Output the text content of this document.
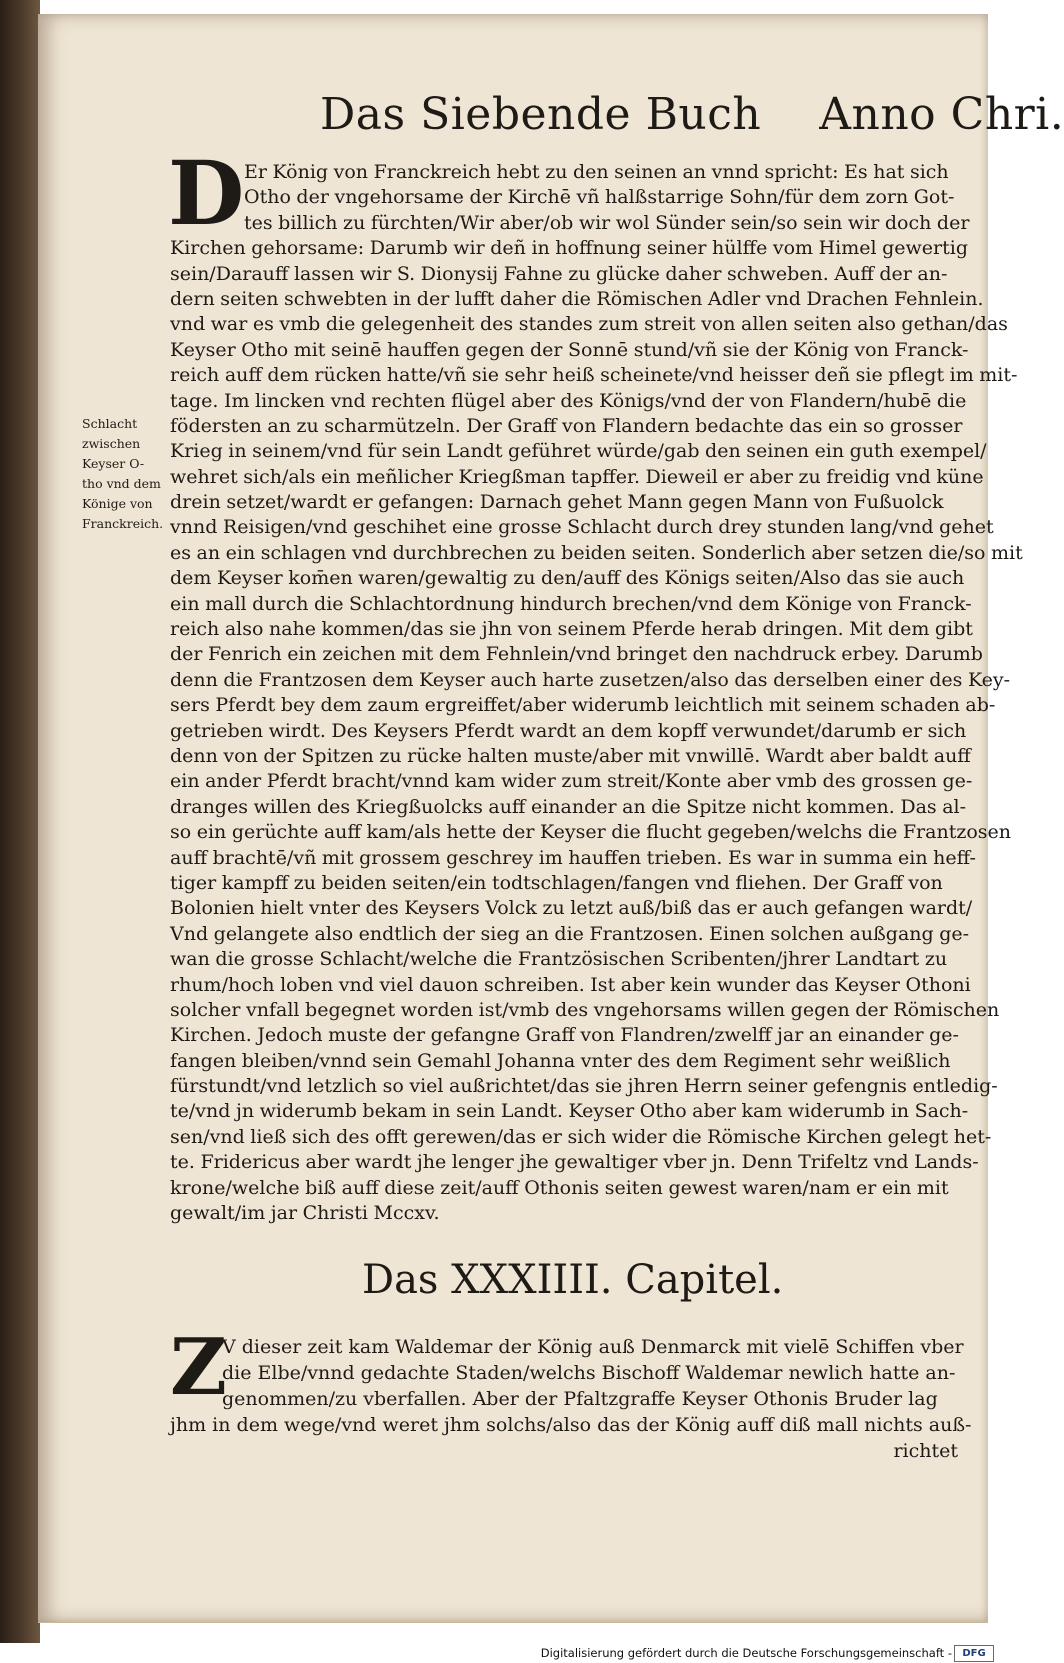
Das Siebende Buch Anno Chri.
Schlacht
zwischen
Keyser O-
tho vnd dem
Könige von
Franckreich.
D Er König von Franckreich hebt zu den seinen an vnnd spricht: Es hat sich
Otho der vngehorsame der Kirchē vñ halßstarrige Sohn/für dem zorn Got-
tes billich zu fürchten/Wir aber/ob wir wol Sünder sein/so sein wir doch der
Kirchen gehorsame: Darumb wir deñ in hoffnung seiner hülffe vom Himel gewertig
sein/Darauff lassen wir S. Dionysij Fahne zu glücke daher schweben. Auff der an-
dern seiten schwebten in der lufft daher die Römischen Adler vnd Drachen Fehnlein.
vnd war es vmb die gelegenheit des standes zum streit von allen seiten also gethan/das
Keyser Otho mit seinē hauffen gegen der Sonnē stund/vñ sie der König von Franck-
reich auff dem rücken hatte/vñ sie sehr heiß scheinete/vnd heisser deñ sie pflegt im mit-
tage. Im lincken vnd rechten flügel aber des Königs/vnd der von Flandern/hubē die
födersten an zu scharmützeln. Der Graff von Flandern bedachte das ein so grosser
Krieg in seinem/vnd für sein Landt geführet würde/gab den seinen ein guth exempel/
wehret sich/als ein meñlicher Kriegßman tapffer. Dieweil er aber zu freidig vnd küne
drein setzet/wardt er gefangen: Darnach gehet Mann gegen Mann von Fußuolck
vnnd Reisigen/vnd geschihet eine grosse Schlacht durch drey stunden lang/vnd gehet
es an ein schlagen vnd durchbrechen zu beiden seiten. Sonderlich aber setzen die/so mit
dem Keyser kom̄en waren/gewaltig zu den/auff des Königs seiten/Also das sie auch
ein mall durch die Schlachtordnung hindurch brechen/vnd dem Könige von Franck-
reich also nahe kommen/das sie jhn von seinem Pferde herab dringen. Mit dem gibt
der Fenrich ein zeichen mit dem Fehnlein/vnd bringet den nachdruck erbey. Darumb
denn die Frantzosen dem Keyser auch harte zusetzen/also das derselben einer des Key-
sers Pferdt bey dem zaum ergreiffet/aber widerumb leichtlich mit seinem schaden ab-
getrieben wirdt. Des Keysers Pferdt wardt an dem kopff verwundet/darumb er sich
denn von der Spitzen zu rücke halten muste/aber mit vnwillē. Wardt aber baldt auff
ein ander Pferdt bracht/vnnd kam wider zum streit/Konte aber vmb des grossen ge-
dranges willen des Kriegßuolcks auff einander an die Spitze nicht kommen. Das al-
so ein gerüchte auff kam/als hette der Keyser die flucht gegeben/welchs die Frantzosen
auff brachtē/vñ mit grossem geschrey im hauffen trieben. Es war in summa ein heff-
tiger kampff zu beiden seiten/ein todtschlagen/fangen vnd fliehen. Der Graff von
Bolonien hielt vnter des Keysers Volck zu letzt auß/biß das er auch gefangen wardt/
Vnd gelangete also endtlich der sieg an die Frantzosen. Einen solchen außgang ge-
wan die grosse Schlacht/welche die Frantzösischen Scribenten/jhrer Landtart zu
rhum/hoch loben vnd viel dauon schreiben. Ist aber kein wunder das Keyser Othoni
solcher vnfall begegnet worden ist/vmb des vngehorsams willen gegen der Römischen
Kirchen. Jedoch muste der gefangne Graff von Flandren/zwelff jar an einander ge-
fangen bleiben/vnnd sein Gemahl Johanna vnter des dem Regiment sehr weißlich
fürstundt/vnd letzlich so viel außrichtet/das sie jhren Herrn seiner gefengnis entledig-
te/vnd jn widerumb bekam in sein Landt. Keyser Otho aber kam widerumb in Sach-
sen/vnd ließ sich des offt gerewen/das er sich wider die Römische Kirchen gelegt het-
te. Fridericus aber wardt jhe lenger jhe gewaltiger vber jn. Denn Trifeltz vnd Lands-
krone/welche biß auff diese zeit/auff Othonis seiten gewest waren/nam er ein mit
gewalt/im jar Christi Mccxv.
Das XXXIIII. Capitel.
Z
V dieser zeit kam Waldemar der König auß Denmarck mit vielē Schiffen vber
die Elbe/vnnd gedachte Staden/welchs Bischoff Waldemar newlich hatte an-
genommen/zu vberfallen. Aber der Pfaltzgraffe Keyser Othonis Bruder lag
jhm in dem wege/vnd weret jhm solchs/also das der König auff diß mall nichts auß-
richtet
Digitalisierung gefördert durch die Deutsche Forschungsgemeinschaft -	DFG
